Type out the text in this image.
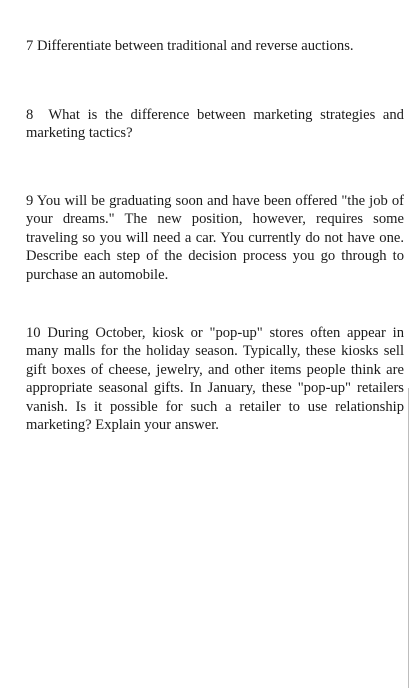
7 Differentiate between traditional and reverse auctions.

8 What is the difference between marketing strategies and marketing tactics?

9 You will be graduating soon and have been offered "the job of your dreams." The new position, however, requires some traveling so you will need a car. You currently do not have one. Describe each step of the decision process you go through to purchase an automobile.

10 During October, kiosk or "pop-up" stores often appear in many malls for the holiday season. Typically, these kiosks sell gift boxes of cheese, jewelry, and other items people think are appropriate seasonal gifts. In January, these "pop-up" retailers vanish. Is it possible for such a retailer to use relationship marketing? Explain your answer.
